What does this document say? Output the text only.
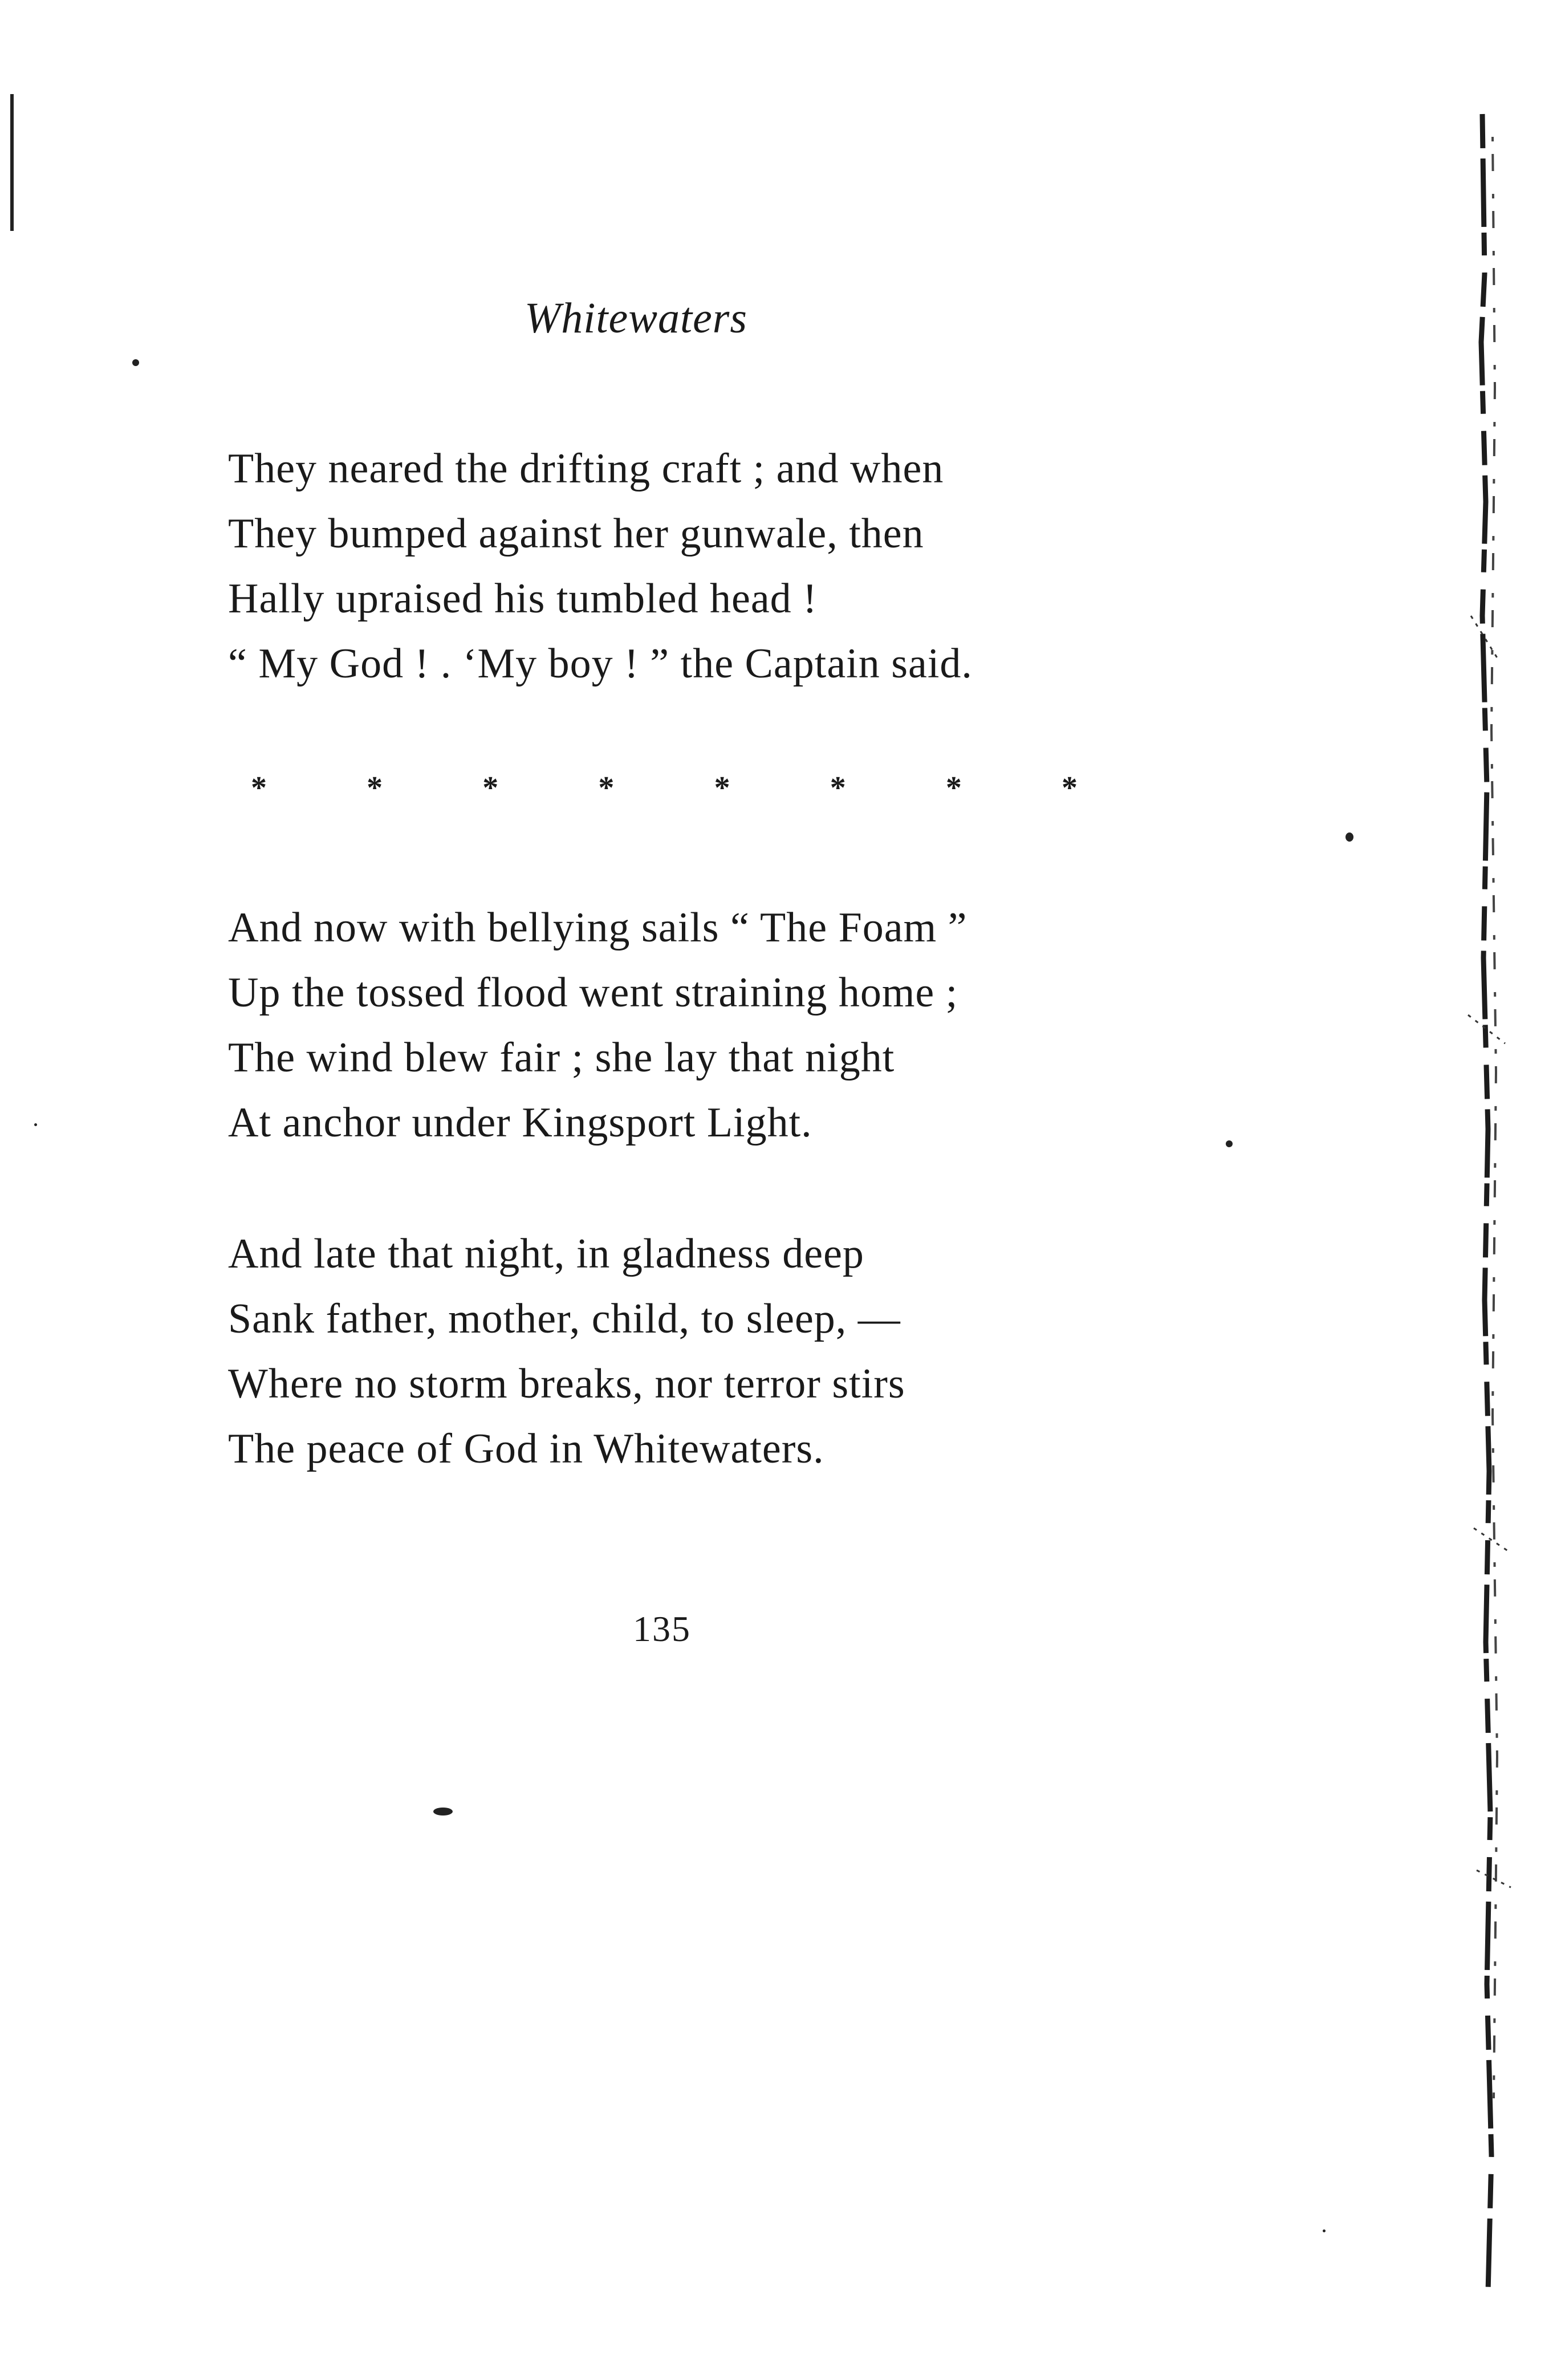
Whitewaters
They neared the drifting craft ; and when
They bumped against her gunwale, then
Hally upraised his tumbled head !
“ My God ! . ‘My boy ! ” the Captain said.
*	*	*	*	*	*	*	*
And now with bellying sails “ The Foam ”
Up the tossed flood went straining home ;
The wind blew fair ; she lay that night
At anchor under Kingsport Light.
And late that night, in gladness deep
Sank father, mother, child, to sleep, —
Where no storm breaks, nor terror stirs
The peace of God in Whitewaters.
135
